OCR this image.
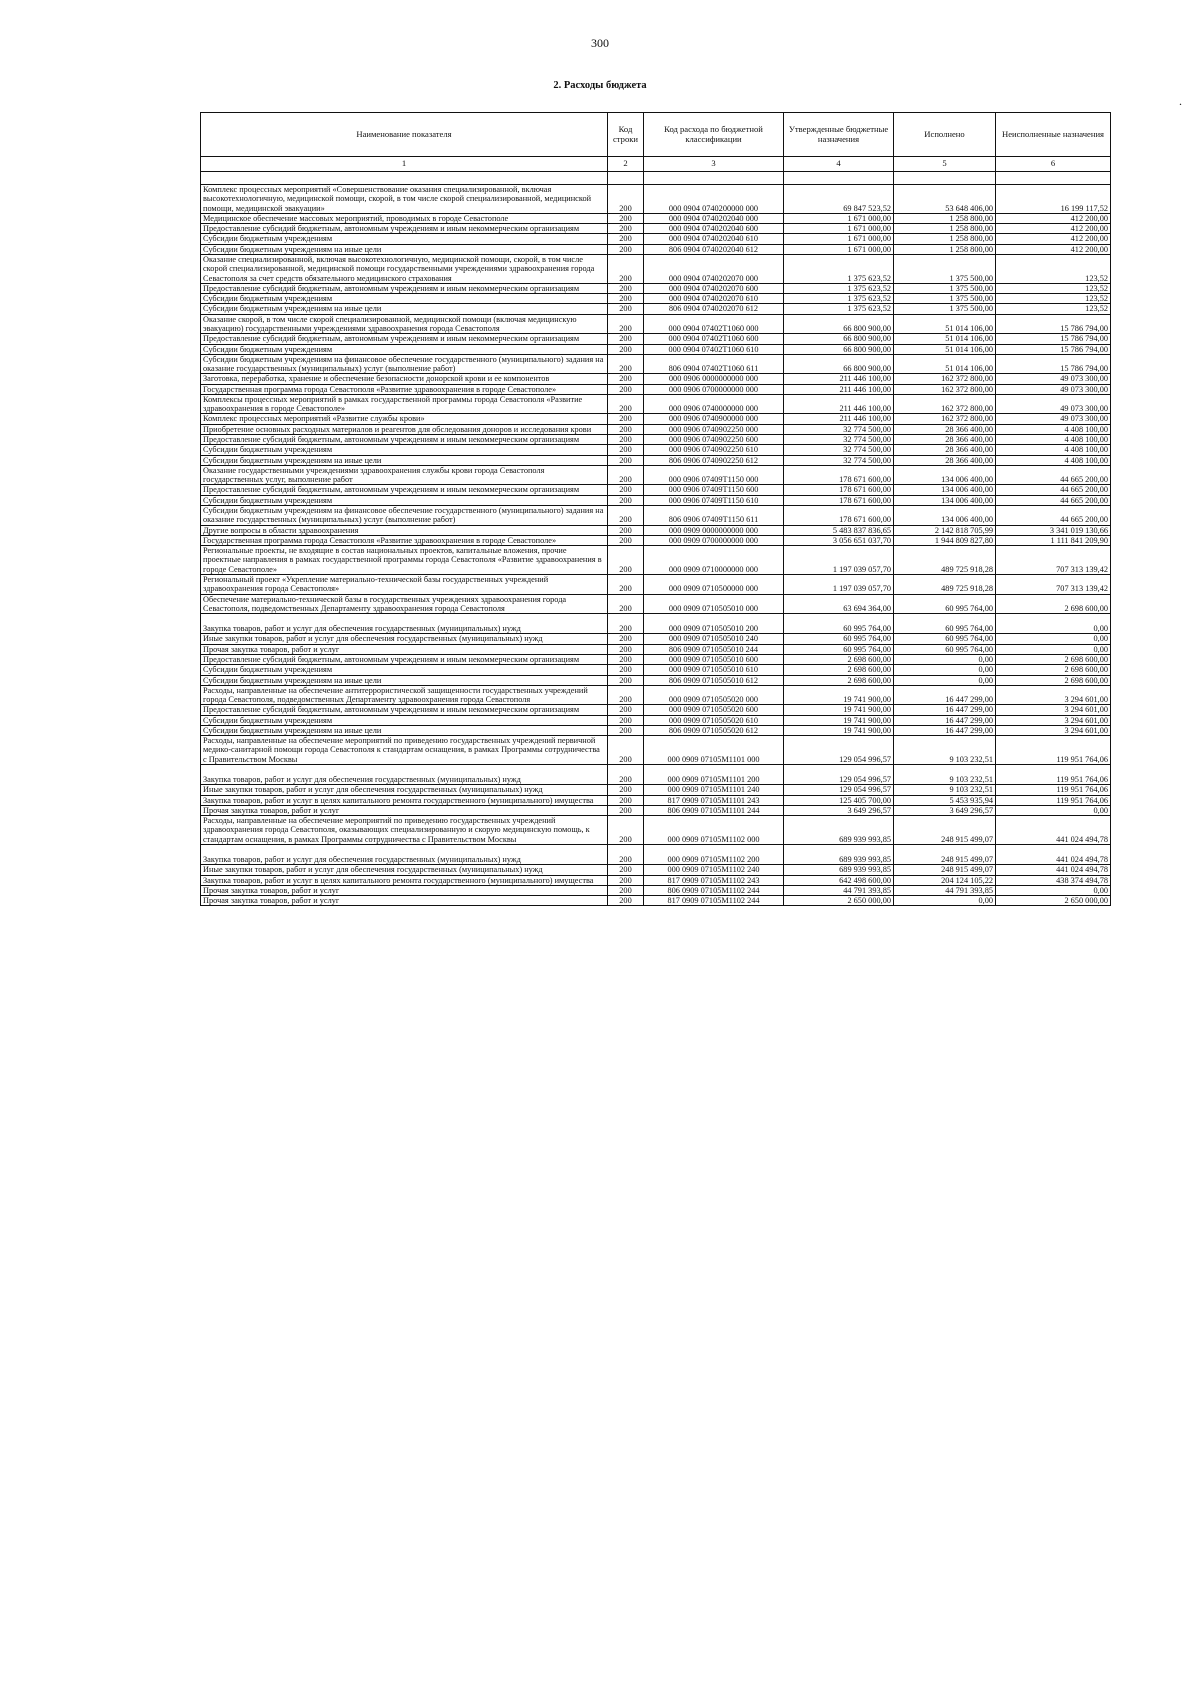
300
2. Расходы бюджета
.
Наименование показателя	Код строки	Код расхода по бюджетной классификации	Утвержденные бюджетные назначения	Исполнено	Неисполненные назначения
1	2	3	4	5	6

Комплекс процессных мероприятий «Совершенствование оказания специализированной, включая высокотехнологичную, медицинской помощи, скорой, в том числе скорой специализированной, медицинской помощи, медицинской эвакуации»	200	000 0904 0740200000 000	69 847 523,52	53 648 406,00	16 199 117,52
Медицинское обеспечение массовых мероприятий, проводимых в городе Севастополе	200	000 0904 0740202040 000	1 671 000,00	1 258 800,00	412 200,00
Предоставление субсидий бюджетным, автономным учреждениям и иным некоммерческим организациям	200	000 0904 0740202040 600	1 671 000,00	1 258 800,00	412 200,00
Субсидии бюджетным учреждениям	200	000 0904 0740202040 610	1 671 000,00	1 258 800,00	412 200,00
Субсидии бюджетным учреждениям на иные цели	200	806 0904 0740202040 612	1 671 000,00	1 258 800,00	412 200,00
Оказание специализированной, включая высокотехнологичную, медицинской помощи, скорой, в том числе скорой специализированной, медицинской помощи государственными учреждениями здравоохранения города Севастополя за счет средств обязательного медицинского страхования	200	000 0904 0740202070 000	1 375 623,52	1 375 500,00	123,52
Предоставление субсидий бюджетным, автономным учреждениям и иным некоммерческим организациям	200	000 0904 0740202070 600	1 375 623,52	1 375 500,00	123,52
Субсидии бюджетным учреждениям	200	000 0904 0740202070 610	1 375 623,52	1 375 500,00	123,52
Субсидии бюджетным учреждениям на иные цели	200	806 0904 0740202070 612	1 375 623,52	1 375 500,00	123,52
Оказание скорой, в том числе скорой специализированной, медицинской помощи (включая медицинскую эвакуацию) государственными учреждениями здравоохранения города Севастополя	200	000 0904 07402Т1060 000	66 800 900,00	51 014 106,00	15 786 794,00
Предоставление субсидий бюджетным, автономным учреждениям и иным некоммерческим организациям	200	000 0904 07402Т1060 600	66 800 900,00	51 014 106,00	15 786 794,00
Субсидии бюджетным учреждениям	200	000 0904 07402Т1060 610	66 800 900,00	51 014 106,00	15 786 794,00
Субсидии бюджетным учреждениям на финансовое обеспечение государственного (муниципального) задания на оказание государственных (муниципальных) услуг (выполнение работ)	200	806 0904 07402Т1060 611	66 800 900,00	51 014 106,00	15 786 794,00
Заготовка, переработка, хранение и обеспечение безопасности донорской крови и ее компонентов	200	000 0906 0000000000 000	211 446 100,00	162 372 800,00	49 073 300,00
Государственная программа города Севастополя «Развитие здравоохранения в городе Севастополе»	200	000 0906 0700000000 000	211 446 100,00	162 372 800,00	49 073 300,00
Комплексы процессных мероприятий в рамках государственной программы города Севастополя «Развитие здравоохранения в городе Севастополе»	200	000 0906 0740000000 000	211 446 100,00	162 372 800,00	49 073 300,00
Комплекс процессных мероприятий «Развитие службы крови»	200	000 0906 0740900000 000	211 446 100,00	162 372 800,00	49 073 300,00
Приобретение основных расходных материалов и реагентов для обследования доноров и исследования крови	200	000 0906 0740902250 000	32 774 500,00	28 366 400,00	4 408 100,00
Предоставление субсидий бюджетным, автономным учреждениям и иным некоммерческим организациям	200	000 0906 0740902250 600	32 774 500,00	28 366 400,00	4 408 100,00
Субсидии бюджетным учреждениям	200	000 0906 0740902250 610	32 774 500,00	28 366 400,00	4 408 100,00
Субсидии бюджетным учреждениям на иные цели	200	806 0906 0740902250 612	32 774 500,00	28 366 400,00	4 408 100,00
Оказание государственными учреждениями здравоохранения службы крови города Севастополя государственных услуг, выполнение работ	200	000 0906 07409Т1150 000	178 671 600,00	134 006 400,00	44 665 200,00
Предоставление субсидий бюджетным, автономным учреждениям и иным некоммерческим организациям	200	000 0906 07409Т1150 600	178 671 600,00	134 006 400,00	44 665 200,00
Субсидии бюджетным учреждениям	200	000 0906 07409Т1150 610	178 671 600,00	134 006 400,00	44 665 200,00
Субсидии бюджетным учреждениям на финансовое обеспечение государственного (муниципального) задания на оказание государственных (муниципальных) услуг (выполнение работ)	200	806 0906 07409Т1150 611	178 671 600,00	134 006 400,00	44 665 200,00
Другие вопросы в области здравоохранения	200	000 0909 0000000000 000	5 483 837 836,65	2 142 818 705,99	3 341 019 130,66
Государственная программа города Севастополя «Развитие здравоохранения в городе Севастополе»	200	000 0909 0700000000 000	3 056 651 037,70	1 944 809 827,80	1 111 841 209,90
Региональные проекты, не входящие в состав национальных проектов, капитальные вложения, прочие проектные направления в рамках государственной программы города Севастополя «Развитие здравоохранения в городе Севастополе»	200	000 0909 0710000000 000	1 197 039 057,70	489 725 918,28	707 313 139,42
Региональный проект «Укрепление материально-технической базы государственных учреждений здравоохранения города Севастополя»	200	000 0909 0710500000 000	1 197 039 057,70	489 725 918,28	707 313 139,42
Обеспечение материально-технической базы в государственных учреждениях здравоохранения города Севастополя, подведомственных Департаменту здравоохранения города Севастополя	200	000 0909 0710505010 000	63 694 364,00	60 995 764,00	2 698 600,00
Закупка товаров, работ и услуг для обеспечения государственных (муниципальных) нужд	200	000 0909 0710505010 200	60 995 764,00	60 995 764,00	0,00
Иные закупки товаров, работ и услуг для обеспечения государственных (муниципальных) нужд	200	000 0909 0710505010 240	60 995 764,00	60 995 764,00	0,00
Прочая закупка товаров, работ и услуг	200	806 0909 0710505010 244	60 995 764,00	60 995 764,00	0,00
Предоставление субсидий бюджетным, автономным учреждениям и иным некоммерческим организациям	200	000 0909 0710505010 600	2 698 600,00	0,00	2 698 600,00
Субсидии бюджетным учреждениям	200	000 0909 0710505010 610	2 698 600,00	0,00	2 698 600,00
Субсидии бюджетным учреждениям на иные цели	200	806 0909 0710505010 612	2 698 600,00	0,00	2 698 600,00
Расходы, направленные на обеспечение антитеррористической защищенности государственных учреждений города Севастополя, подведомственных Департаменту здравоохранения города Севастополя	200	000 0909 0710505020 000	19 741 900,00	16 447 299,00	3 294 601,00
Предоставление субсидий бюджетным, автономным учреждениям и иным некоммерческим организациям	200	000 0909 0710505020 600	19 741 900,00	16 447 299,00	3 294 601,00
Субсидии бюджетным учреждениям	200	000 0909 0710505020 610	19 741 900,00	16 447 299,00	3 294 601,00
Субсидии бюджетным учреждениям на иные цели	200	806 0909 0710505020 612	19 741 900,00	16 447 299,00	3 294 601,00
Расходы, направленные на обеспечение мероприятий по приведению государственных учреждений первичной медико-санитарной помощи города Севастополя к стандартам оснащения, в рамках Программы сотрудничества с Правительством Москвы	200	000 0909 07105М1101 000	129 054 996,57	9 103 232,51	119 951 764,06
Закупка товаров, работ и услуг для обеспечения государственных (муниципальных) нужд	200	000 0909 07105М1101 200	129 054 996,57	9 103 232,51	119 951 764,06
Иные закупки товаров, работ и услуг для обеспечения государственных (муниципальных) нужд	200	000 0909 07105М1101 240	129 054 996,57	9 103 232,51	119 951 764,06
Закупка товаров, работ и услуг в целях капитального ремонта государственного (муниципального) имущества	200	817 0909 07105М1101 243	125 405 700,00	5 453 935,94	119 951 764,06
Прочая закупка товаров, работ и услуг	200	806 0909 07105М1101 244	3 649 296,57	3 649 296,57	0,00
Расходы, направленные на обеспечение мероприятий по приведению государственных учреждений здравоохранения города Севастополя, оказывающих специализированную и скорую медицинскую помощь, к стандартам оснащения, в рамках Программы сотрудничества с Правительством Москвы	200	000 0909 07105М1102 000	689 939 993,85	248 915 499,07	441 024 494,78
Закупка товаров, работ и услуг для обеспечения государственных (муниципальных) нужд	200	000 0909 07105М1102 200	689 939 993,85	248 915 499,07	441 024 494,78
Иные закупки товаров, работ и услуг для обеспечения государственных (муниципальных) нужд	200	000 0909 07105М1102 240	689 939 993,85	248 915 499,07	441 024 494,78
Закупка товаров, работ и услуг в целях капитального ремонта государственного (муниципального) имущества	200	817 0909 07105М1102 243	642 498 600,00	204 124 105,22	438 374 494,78
Прочая закупка товаров, работ и услуг	200	806 0909 07105М1102 244	44 791 393,85	44 791 393,85	0,00
Прочая закупка товаров, работ и услуг	200	817 0909 07105М1102 244	2 650 000,00	0,00	2 650 000,00
